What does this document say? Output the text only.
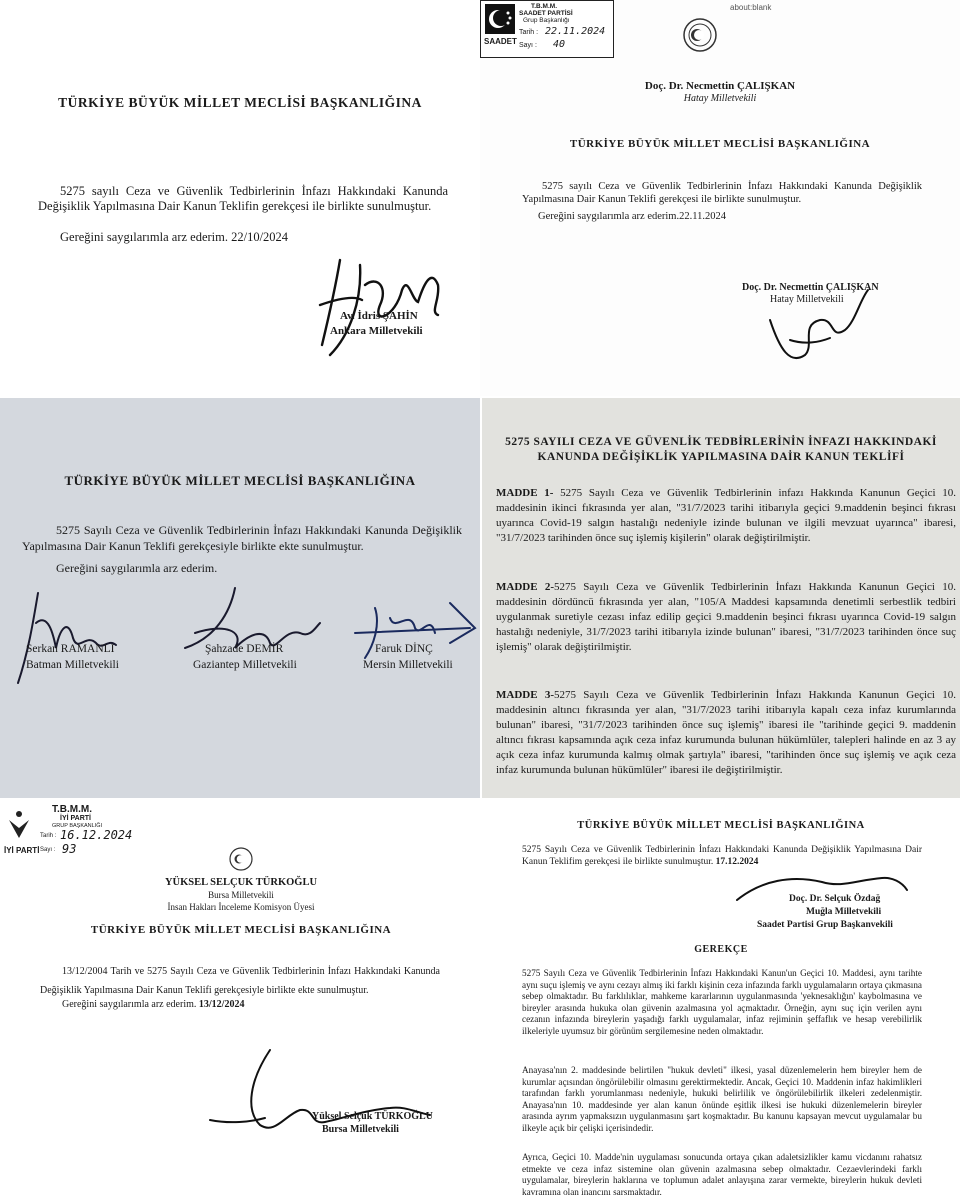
TÜRKİYE BÜYÜK MİLLET MECLİSİ BAŞKANLIĞINA
5275 sayılı Ceza ve Güvenlik Tedbirlerinin İnfazı Hakkındaki Kanunda Değişiklik Yapılmasına Dair Kanun Teklifin gerekçesi ile birlikte sunulmuştur.
Gereğini saygılarımla arz ederim. 22/10/2024
Av. İdris ŞAHİN
Ankara Milletvekili
SAADET
T.B.M.M.
SAADET PARTİSİ
Grup Başkanlığı
Tarih : 22.11.2024
Sayı : 40
about:blank
Doç. Dr. Necmettin ÇALIŞKAN
Hatay Milletvekili
TÜRKİYE BÜYÜK MİLLET MECLİSİ BAŞKANLIĞINA
5275 sayılı Ceza ve Güvenlik Tedbirlerinin İnfazı Hakkındaki Kanunda Değişiklik Yapılmasına Dair Kanun Teklifi gerekçesi ile birlikte sunulmuştur.
Gereğini saygılarımla arz ederim.22.11.2024
Doç. Dr. Necmettin ÇALIŞKAN
Hatay Milletvekili
TÜRKİYE BÜYÜK MİLLET MECLİSİ BAŞKANLIĞINA
5275 Sayılı Ceza ve Güvenlik Tedbirlerinin İnfazı Hakkındaki Kanunda Değişiklik Yapılmasına Dair Kanun Teklifi gerekçesiyle birlikte ekte sunulmuştur.
Gereğini saygılarımla arz ederim.
Serkan RAMANLI
Batman Milletvekili
Şahzade DEMİR
Gaziantep Milletvekili
Faruk DİNÇ
Mersin Milletvekili
5275 SAYILI CEZA VE GÜVENLİK TEDBİRLERİNİN İNFAZI HAKKINDAKİ
KANUNDA DEĞİŞİKLİK YAPILMASINA DAİR KANUN TEKLİFİ
MADDE 1- 5275 Sayılı Ceza ve Güvenlik Tedbirlerinin infazı Hakkında Kanunun Geçici 10. maddesinin ikinci fıkrasında yer alan, "31/7/2023 tarihi itibarıyla geçici 9.maddenin beşinci fıkrası uyarınca Covid-19 salgın hastalığı nedeniyle izinde bulunan ve ilgili mevzuat uyarınca" ibaresi, "31/7/2023 tarihinden önce suç işlemiş kişilerin" olarak değiştirilmiştir.
MADDE 2-5275 Sayılı Ceza ve Güvenlik Tedbirlerinin İnfazı Hakkında Kanunun Geçici 10. maddesinin dördüncü fıkrasında yer alan, "105/A Maddesi kapsamında denetimli serbestlik tedbiri uygulanmak suretiyle cezası infaz edilip geçici 9.maddenin beşinci fıkrası uyarınca Covid-19 salgın hastalığı nedeniyle, 31/7/2023 tarihi itibarıyla izinde bulunan" ibaresi, "31/7/2023 tarihinden önce suç işlemiş" olarak değiştirilmiştir.
MADDE 3-5275 Sayılı Ceza ve Güvenlik Tedbirlerinin İnfazı Hakkında Kanunun Geçici 10. maddesinin altıncı fıkrasında yer alan, "31/7/2023 tarihi itibarıyla kapalı ceza infaz kurumlarında bulunan" ibaresi, "31/7/2023 tarihinden önce suç işlemiş" ibaresi ile "tarihinde geçici 9. maddenin altıncı fıkrası kapsamında açık ceza infaz kurumunda bulunan hükümlüler, talepleri halinde en az 3 ay açık ceza infaz kurumunda kalmış olmak şartıyla" ibaresi, "tarihinden önce suç işlemiş ve açık ceza infaz kurumunda bulunan hükümlüler" ibaresi ile değiştirilmiştir.
İYİ PARTİ
T.B.M.M.
İYİ PARTİ
GRUP BAŞKANLIĞI
Tarih : 16.12.2024
Sayı : 93
YÜKSEL SELÇUK TÜRKOĞLU
Bursa Milletvekili
İnsan Hakları İnceleme Komisyon Üyesi
TÜRKİYE BÜYÜK MİLLET MECLİSİ BAŞKANLIĞINA
13/12/2004 Tarih ve 5275 Sayılı Ceza ve Güvenlik Tedbirlerinin İnfazı Hakkındaki Kanunda Değişiklik Yapılmasına Dair Kanun Teklifi gerekçesiyle birlikte ekte sunulmuştur.
Gereğini saygılarımla arz ederim. 13/12/2024
Yüksel Selçuk TÜRKOĞLU
Bursa Milletvekili
TÜRKİYE BÜYÜK MİLLET MECLİSİ BAŞKANLIĞINA
5275 Sayılı Ceza ve Güvenlik Tedbirlerinin İnfazı Hakkındaki Kanunda Değişiklik Yapılmasına Dair Kanun Teklifim gerekçesi ile birlikte sunulmuştur. 17.12.2024
Doç. Dr. Selçuk Özdağ
Muğla Milletvekili
Saadet Partisi Grup Başkanvekili
GEREKÇE
5275 Sayılı Ceza ve Güvenlik Tedbirlerinin İnfazı Hakkındaki Kanun'un Geçici 10. Maddesi, aynı tarihte aynı suçu işlemiş ve aynı cezayı almış iki farklı kişinin ceza infazında farklı uygulamaların ortaya çıkmasına sebep olmaktadır. Bu farklılıklar, mahkeme kararlarının uygulanmasında 'yeknesaklığın' kaybolmasına ve bireyler arasında hukuka olan güvenin azalmasına yol açmaktadır. Örneğin, aynı suç için verilen aynı cezanın infazında bireylerin yaşadığı farklı uygulamalar, infaz rejiminin şeffaflık ve hesap verebilirlik ilkeleriyle uyumsuz bir görünüm sergilemesine neden olmaktadır.
Anayasa'nın 2. maddesinde belirtilen "hukuk devleti" ilkesi, yasal düzenlemelerin hem bireyler hem de kurumlar açısından öngörülebilir olmasını gerektirmektedir. Ancak, Geçici 10. Maddenin infaz hakimlikleri tarafından farklı yorumlanması nedeniyle, hukuki belirlilik ve öngörülebilirlik ilkeleri zedelenmiştir. Anayasa'nın 10. maddesinde yer alan kanun önünde eşitlik ilkesi ise hukuki düzenlemelerin bireyler arasında ayrım yapmaksızın uygulanmasını şart koşmaktadır. Bu kanunu kapsayan mevcut uygulamalar bu ilkeyle açık bir çelişki içerisindedir.
Ayrıca, Geçici 10. Madde'nin uygulaması sonucunda ortaya çıkan adaletsizlikler kamu vicdanını rahatsız etmekte ve ceza infaz sistemine olan güvenin azalmasına sebep olmaktadır. Cezaevlerindeki farklı uygulamalar, bireylerin haklarına ve toplumun adalet anlayışına zarar vermekte, bireylerin hukuk devleti kavramına olan inancını sarsmaktadır.
